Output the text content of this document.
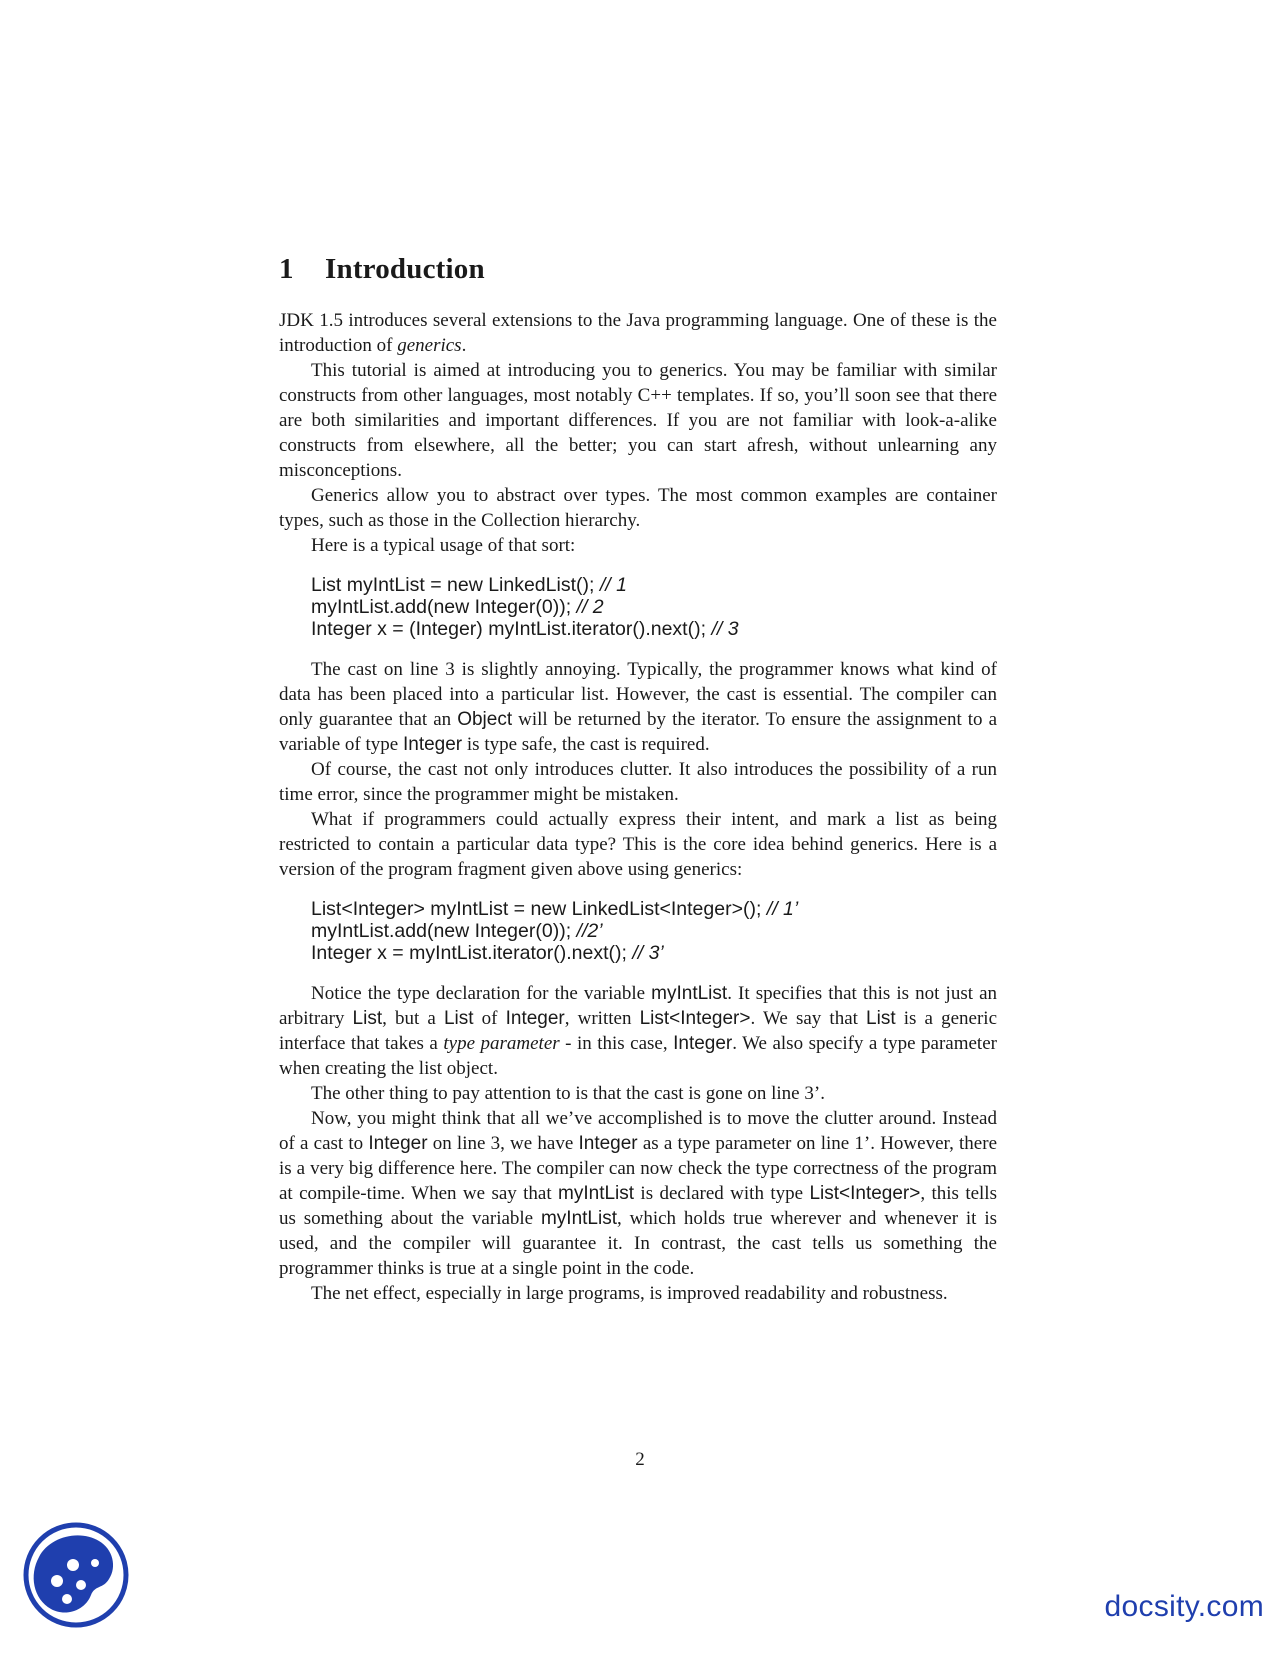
1 Introduction

JDK 1.5 introduces several extensions to the Java programming language. One of these is the introduction of generics.

This tutorial is aimed at introducing you to generics. You may be familiar with similar constructs from other languages, most notably C++ templates. If so, you’ll soon see that there are both similarities and important differences. If you are not familiar with look-a-alike constructs from elsewhere, all the better; you can start afresh, without unlearning any misconceptions.

Generics allow you to abstract over types. The most common examples are container types, such as those in the Collection hierarchy.

Here is a typical usage of that sort:

List myIntList = new LinkedList(); // 1
myIntList.add(new Integer(0)); // 2
Integer x = (Integer) myIntList.iterator().next(); // 3

The cast on line 3 is slightly annoying. Typically, the programmer knows what kind of data has been placed into a particular list. However, the cast is essential. The compiler can only guarantee that an Object will be returned by the iterator. To ensure the assignment to a variable of type Integer is type safe, the cast is required.

Of course, the cast not only introduces clutter. It also introduces the possibility of a run time error, since the programmer might be mistaken.

What if programmers could actually express their intent, and mark a list as being restricted to contain a particular data type? This is the core idea behind generics. Here is a version of the program fragment given above using generics:

List<Integer> myIntList = new LinkedList<Integer>(); // 1’
myIntList.add(new Integer(0)); //2’
Integer x = myIntList.iterator().next(); // 3’

Notice the type declaration for the variable myIntList. It specifies that this is not just an arbitrary List, but a List of Integer, written List<Integer>. We say that List is a generic interface that takes a type parameter - in this case, Integer. We also specify a type parameter when creating the list object.

The other thing to pay attention to is that the cast is gone on line 3’.

Now, you might think that all we’ve accomplished is to move the clutter around. Instead of a cast to Integer on line 3, we have Integer as a type parameter on line 1’. However, there is a very big difference here. The compiler can now check the type correctness of the program at compile-time. When we say that myIntList is declared with type List<Integer>, this tells us something about the variable myIntList, which holds true wherever and whenever it is used, and the compiler will guarantee it. In contrast, the cast tells us something the programmer thinks is true at a single point in the code.

The net effect, especially in large programs, is improved readability and robustness.

2
docsity.com
